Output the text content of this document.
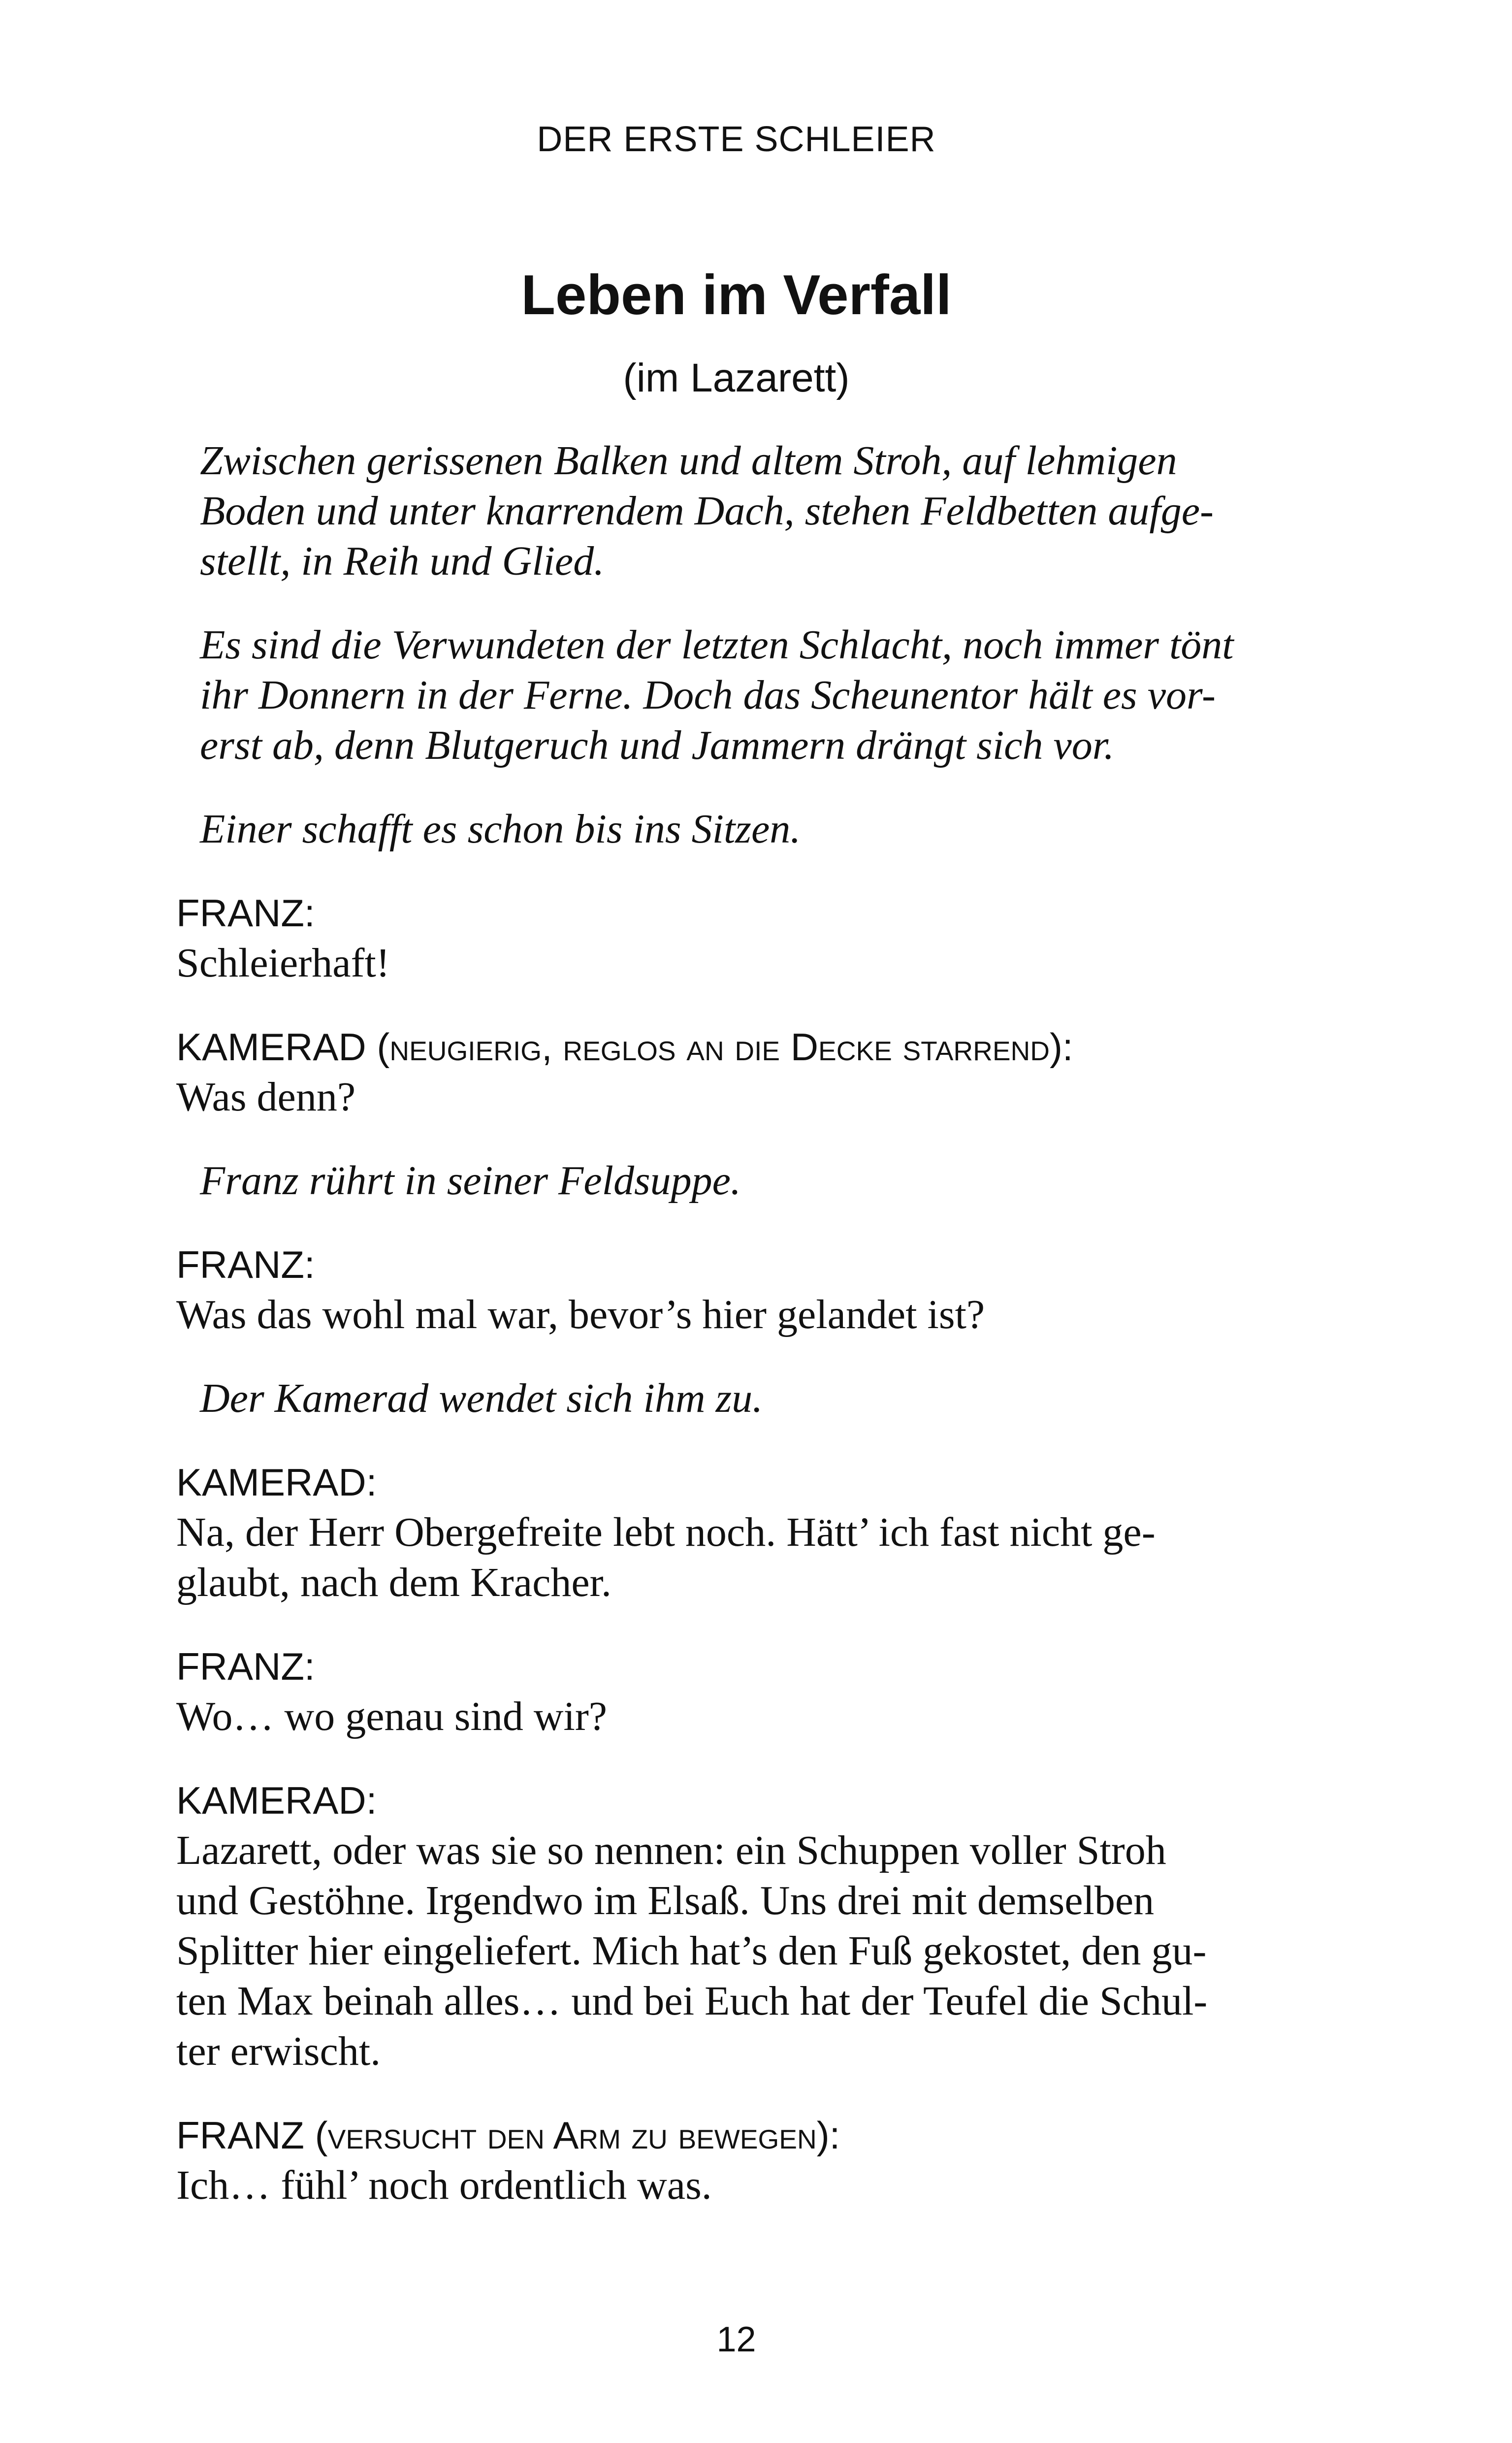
DER ERSTE SCHLEIER
Leben im Verfall
(im Lazarett)
Zwischen gerissenen Balken und altem Stroh, auf lehmigen
Boden und unter knarrendem Dach, stehen Feldbetten aufge-
stellt, in Reih und Glied.
Es sind die Verwundeten der letzten Schlacht, noch immer tönt
ihr Donnern in der Ferne. Doch das Scheunentor hält es vor-
erst ab, denn Blutgeruch und Jammern drängt sich vor.
Einer schafft es schon bis ins Sitzen.
FRANZ:
Schleierhaft!
KAMERAD (neugierig, reglos an die Decke starrend):
Was denn?
Franz rührt in seiner Feldsuppe.
FRANZ:
Was das wohl mal war, bevor’s hier gelandet ist?
Der Kamerad wendet sich ihm zu.
KAMERAD:
Na, der Herr Obergefreite lebt noch. Hätt’ ich fast nicht ge-
glaubt, nach dem Kracher.
FRANZ:
Wo… wo genau sind wir?
KAMERAD:
Lazarett, oder was sie so nennen: ein Schuppen voller Stroh
und Gestöhne. Irgendwo im Elsaß. Uns drei mit demselben
Splitter hier eingeliefert. Mich hat’s den Fuß gekostet, den gu-
ten Max beinah alles… und bei Euch hat der Teufel die Schul-
ter erwischt.
FRANZ (versucht den Arm zu bewegen):
Ich… fühl’ noch ordentlich was.
12
